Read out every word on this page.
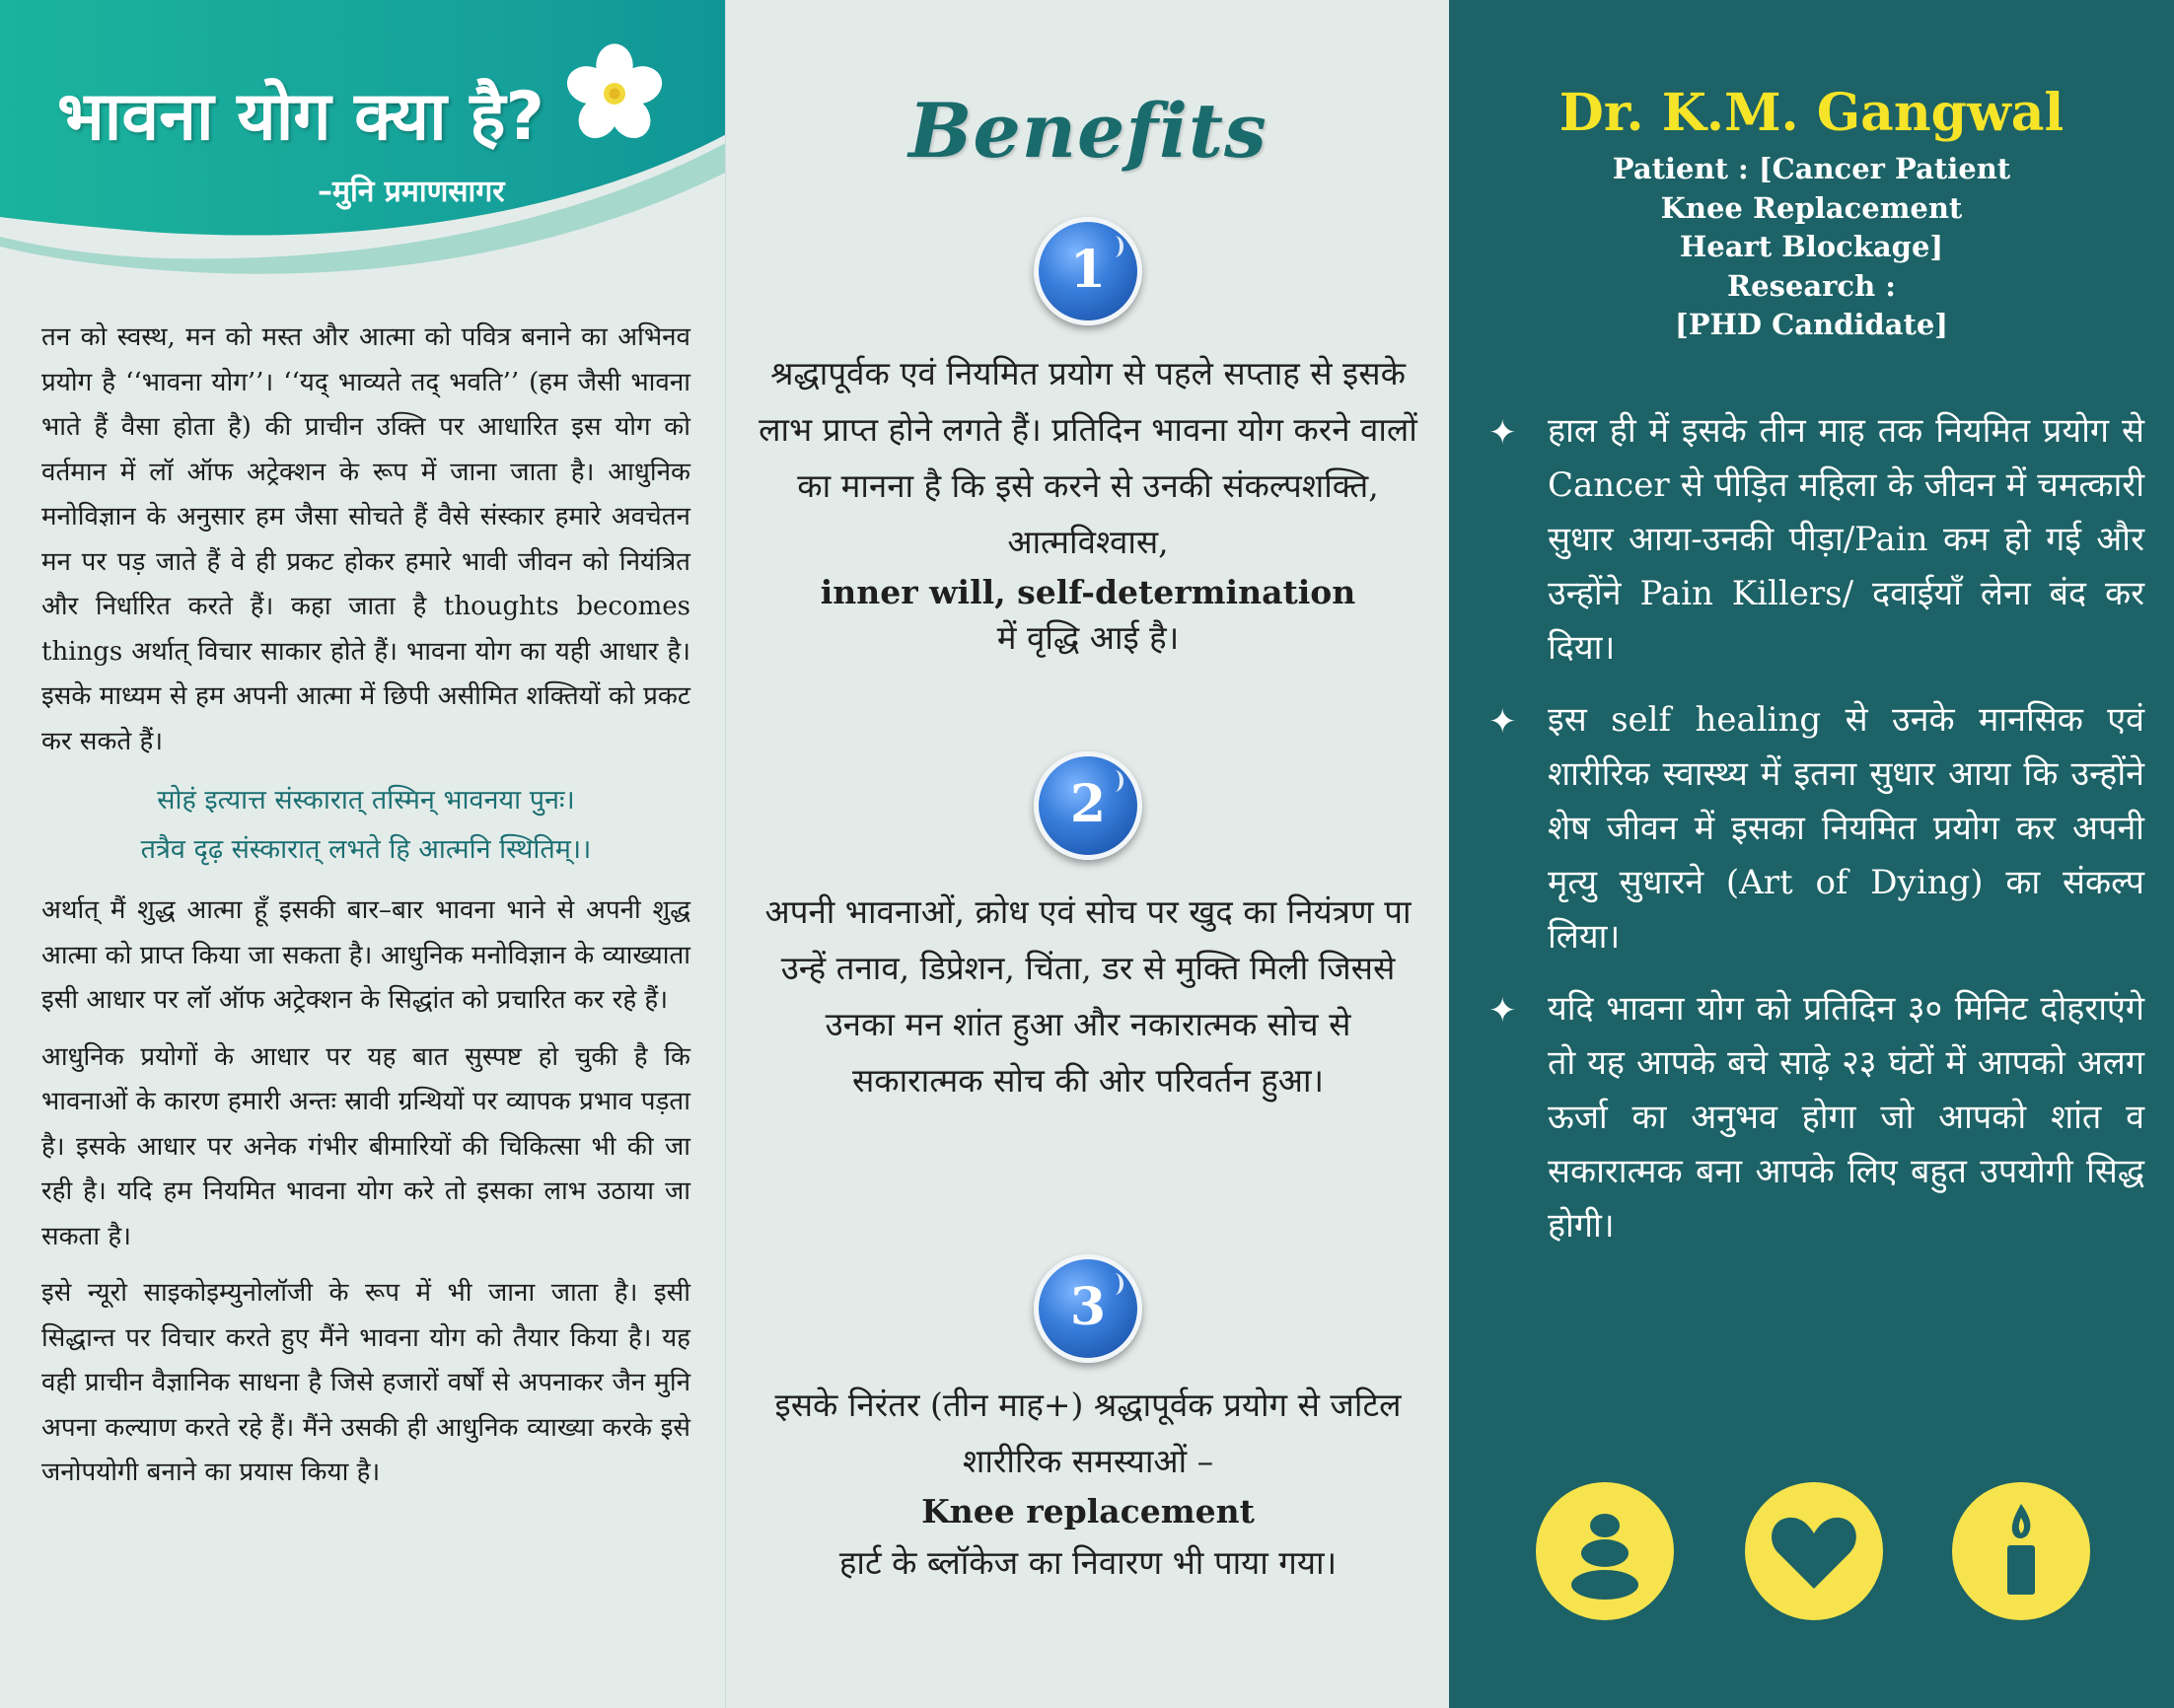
भावना योग क्या है?
–मुनि प्रमाणसागर

तन को स्वस्थ, मन को मस्त और आत्मा को पवित्र बनाने का अभिनव प्रयोग है ‘‘भावना योग’’। ‘‘यद् भाव्यते तद् भवति’’ (हम जैसी भावना भाते हैं वैसा होता है) की प्राचीन उक्ति पर आधारित इस योग को वर्तमान में लॉ ऑफ अट्रेक्शन के रूप में जाना जाता है। आधुनिक मनोविज्ञान के अनुसार हम जैसा सोचते हैं वैसे संस्कार हमारे अवचेतन मन पर पड़ जाते हैं वे ही प्रकट होकर हमारे भावी जीवन को नियंत्रित और निर्धारित करते हैं। कहा जाता है thoughts becomes things अर्थात् विचार साकार होते हैं। भावना योग का यही आधार है। इसके माध्यम से हम अपनी आत्मा में छिपी असीमित शक्तियों को प्रकट कर सकते हैं।

सोहं इत्यात्त संस्कारात् तस्मिन् भावनया पुनः।
तत्रैव दृढ़ संस्कारात् लभते हि आत्मनि स्थितिम्।।

अर्थात् मैं शुद्ध आत्मा हूँ इसकी बार–बार भावना भाने से अपनी शुद्ध आत्मा को प्राप्त किया जा सकता है। आधुनिक मनोविज्ञान के व्याख्याता इसी आधार पर लॉ ऑफ अट्रेक्शन के सिद्धांत को प्रचारित कर रहे हैं।

आधुनिक प्रयोगों के आधार पर यह बात सुस्पष्ट हो चुकी है कि भावनाओं के कारण हमारी अन्तः स्रावी ग्रन्थियों पर व्यापक प्रभाव पड़ता है। इसके आधार पर अनेक गंभीर बीमारियों की चिकित्सा भी की जा रही है। यदि हम नियमित भावना योग करे तो इसका लाभ उठाया जा सकता है।

इसे न्यूरो साइकोइम्युनोलॉजी के रूप में भी जाना जाता है। इसी सिद्धान्त पर विचार करते हुए मैंने भावना योग को तैयार किया है। यह वही प्राचीन वैज्ञानिक साधना है जिसे हजारों वर्षों से अपनाकर जैन मुनि अपना कल्याण करते रहे हैं। मैंने उसकी ही आधुनिक व्याख्या करके इसे जनोपयोगी बनाने का प्रयास किया है।

Benefits
1
श्रद्धापूर्वक एवं नियमित प्रयोग से पहले सप्ताह से इसके लाभ प्राप्त होने लगते हैं। प्रतिदिन भावना योग करने वालों का मानना है कि इसे करने से उनकी संकल्पशक्ति, आत्मविश्वास,
inner will, self-determination
में वृद्धि आई है।
2
अपनी भावनाओं, क्रोध एवं सोच पर खुद का नियंत्रण पा उन्हें तनाव, डिप्रेशन, चिंता, डर से मुक्ति मिली जिससे उनका मन शांत हुआ और नकारात्मक सोच से सकारात्मक सोच की ओर परिवर्तन हुआ।
3
इसके निरंतर (तीन माह+) श्रद्धापूर्वक प्रयोग से जटिल शारीरिक समस्याओं –
Knee replacement
हार्ट के ब्लॉकेज का निवारण भी पाया गया।
Dr. K.M. Gangwal
Patient : [Cancer Patient
Knee Replacement
Heart Blockage]
Research :
[PHD Candidate]
✦ हाल ही में इसके तीन माह तक नियमित प्रयोग से Cancer से पीड़ित महिला के जीवन में चमत्कारी सुधार आया-उनकी पीड़ा/Pain कम हो गई और उन्होंने Pain Killers/ दवाईयाँ लेना बंद कर दिया।
✦ इस self healing से उनके मानसिक एवं शारीरिक स्वास्थ्य में इतना सुधार आया कि उन्होंने शेष जीवन में इसका नियमित प्रयोग कर अपनी मृत्यु सुधारने (Art of Dying) का संकल्प लिया।
✦ यदि भावना योग को प्रतिदिन ३० मिनिट दोहराएंगे तो यह आपके बचे साढ़े २३ घंटों में आपको अलग ऊर्जा का अनुभव होगा जो आपको शांत व सकारात्मक बना आपके लिए बहुत उपयोगी सिद्ध होगी।
